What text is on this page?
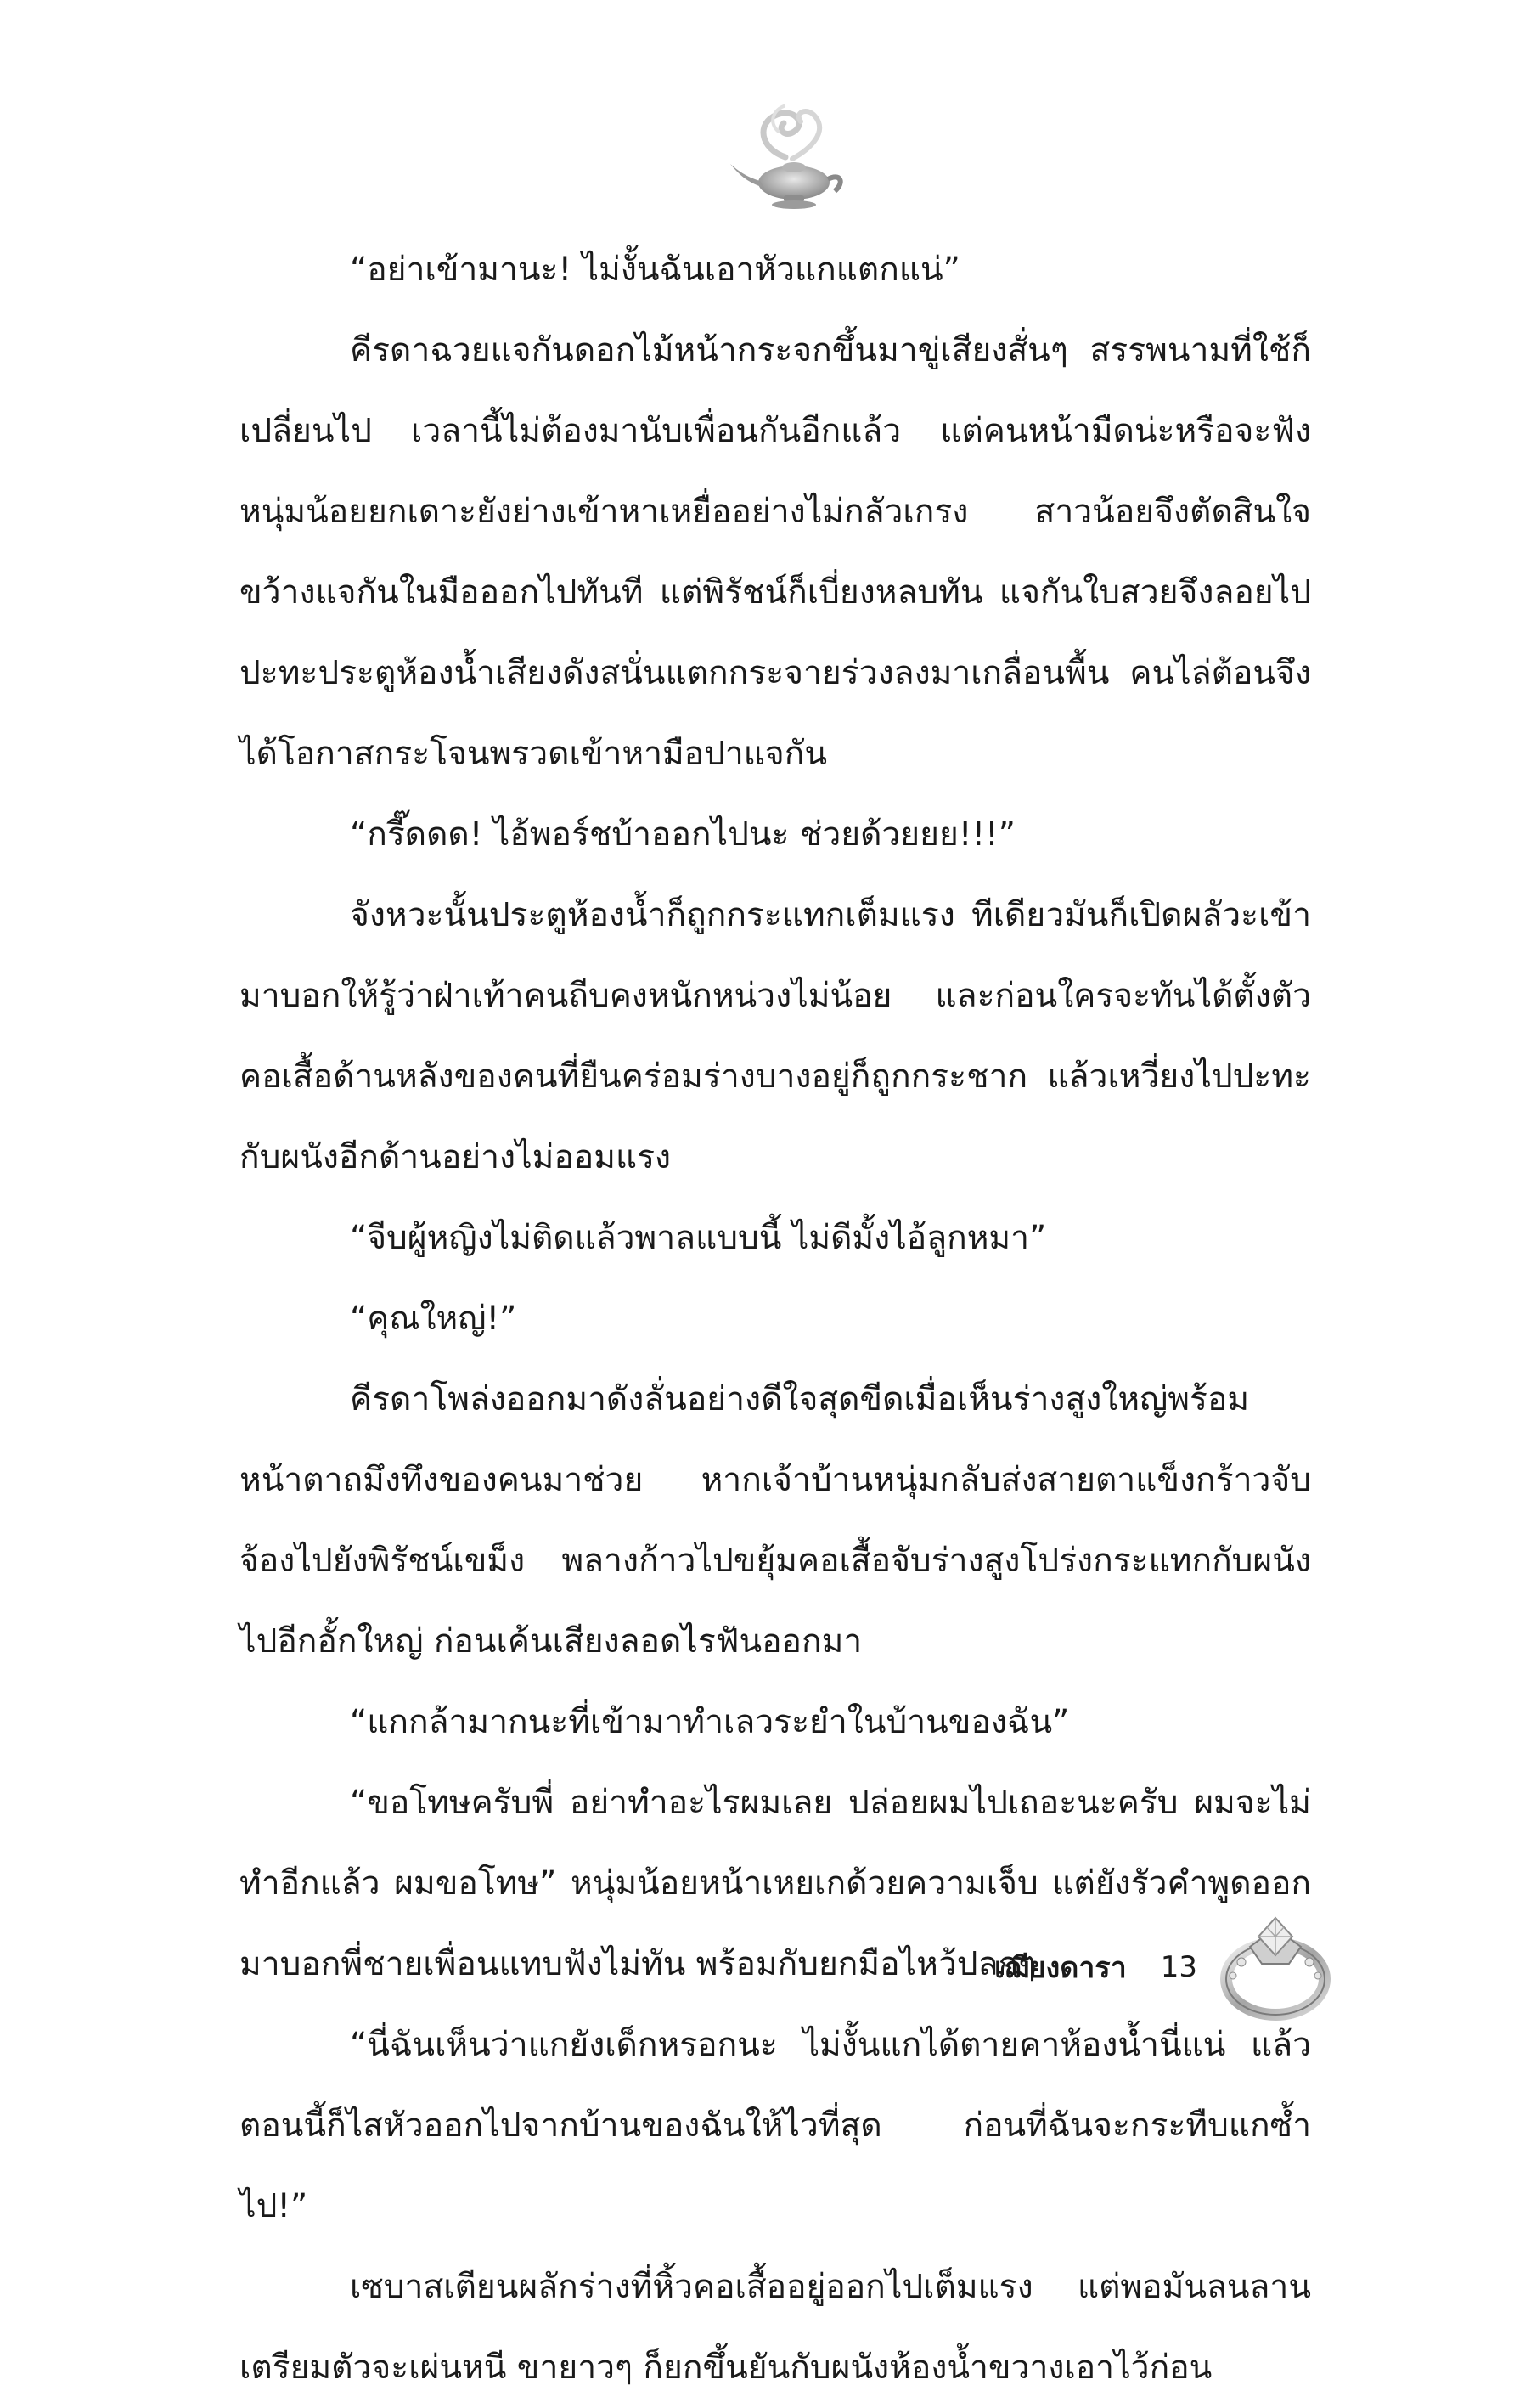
“อย่าเข้ามานะ! ไม่งั้นฉันเอาหัวแกแตกแน่”

คีรดาฉวยแจกันดอกไม้หน้ากระจกขึ้นมาขู่เสียงสั่นๆ สรรพนามที่ใช้ก็เปลี่ยนไป เวลานี้ไม่ต้องมานับเพื่อนกันอีกแล้ว แต่คนหน้ามืดน่ะหรือจะฟัง หนุ่มน้อยยกเดาะยังย่างเข้าหาเหยื่ออย่างไม่กลัวเกรง สาวน้อยจึงตัดสินใจขว้างแจกันในมือออกไปทันที แต่พิรัชน์ก็เบี่ยงหลบทัน แจกันใบสวยจึงลอยไปปะทะประตูห้องน้ำเสียงดังสนั่นแตกกระจายร่วงลงมาเกลื่อนพื้น คนไล่ต้อนจึงได้โอกาสกระโจนพรวดเข้าหามือปาแจกัน

“กรี๊ดดด! ไอ้พอร์ชบ้าออกไปนะ ช่วยด้วยยย!!!”

จังหวะนั้นประตูห้องน้ำก็ถูกกระแทกเต็มแรง ทีเดียวมันก็เปิดผลัวะเข้ามาบอกให้รู้ว่าฝ่าเท้าคนถีบคงหนักหน่วงไม่น้อย และก่อนใครจะทันได้ตั้งตัว คอเสื้อด้านหลังของคนที่ยืนคร่อมร่างบางอยู่ก็ถูกกระชาก แล้วเหวี่ยงไปปะทะกับผนังอีกด้านอย่างไม่ออมแรง

“จีบผู้หญิงไม่ติดแล้วพาลแบบนี้ ไม่ดีมั้งไอ้ลูกหมา”

“คุณใหญ่!”

คีรดาโพล่งออกมาดังลั่นอย่างดีใจสุดขีดเมื่อเห็นร่างสูงใหญ่พร้อมหน้าตาถมึงทึงของคนมาช่วย หากเจ้าบ้านหนุ่มกลับส่งสายตาแข็งกร้าวจับจ้องไปยังพิรัชน์เขม็ง พลางก้าวไปขยุ้มคอเสื้อจับร่างสูงโปร่งกระแทกกับผนังไปอีกอั้กใหญ่ ก่อนเค้นเสียงลอดไรฟันออกมา

“แกกล้ามากนะที่เข้ามาทำเลวระยำในบ้านของฉัน”

“ขอโทษครับพี่ อย่าทำอะไรผมเลย ปล่อยผมไปเถอะนะครับ ผมจะไม่ทำอีกแล้ว ผมขอโทษ” หนุ่มน้อยหน้าเหยเกด้วยความเจ็บ แต่ยังรัวคำพูดออกมาบอกพี่ชายเพื่อนแทบฟังไม่ทัน พร้อมกับยกมือไหว้ปลกๆ

“นี่ฉันเห็นว่าแกยังเด็กหรอกนะ ไม่งั้นแกได้ตายคาห้องน้ำนี่แน่ แล้วตอนนี้ก็ไสหัวออกไปจากบ้านของฉันให้ไวที่สุด ก่อนที่ฉันจะกระทืบแกซ้ำ ไป!”

เซบาสเตียนผลักร่างที่หิ้วคอเสื้ออยู่ออกไปเต็มแรง แต่พอมันลนลานเตรียมตัวจะเผ่นหนี ขายาวๆ ก็ยกขึ้นยันกับผนังห้องน้ำขวางเอาไว้ก่อน

เฌียงดารา 13
